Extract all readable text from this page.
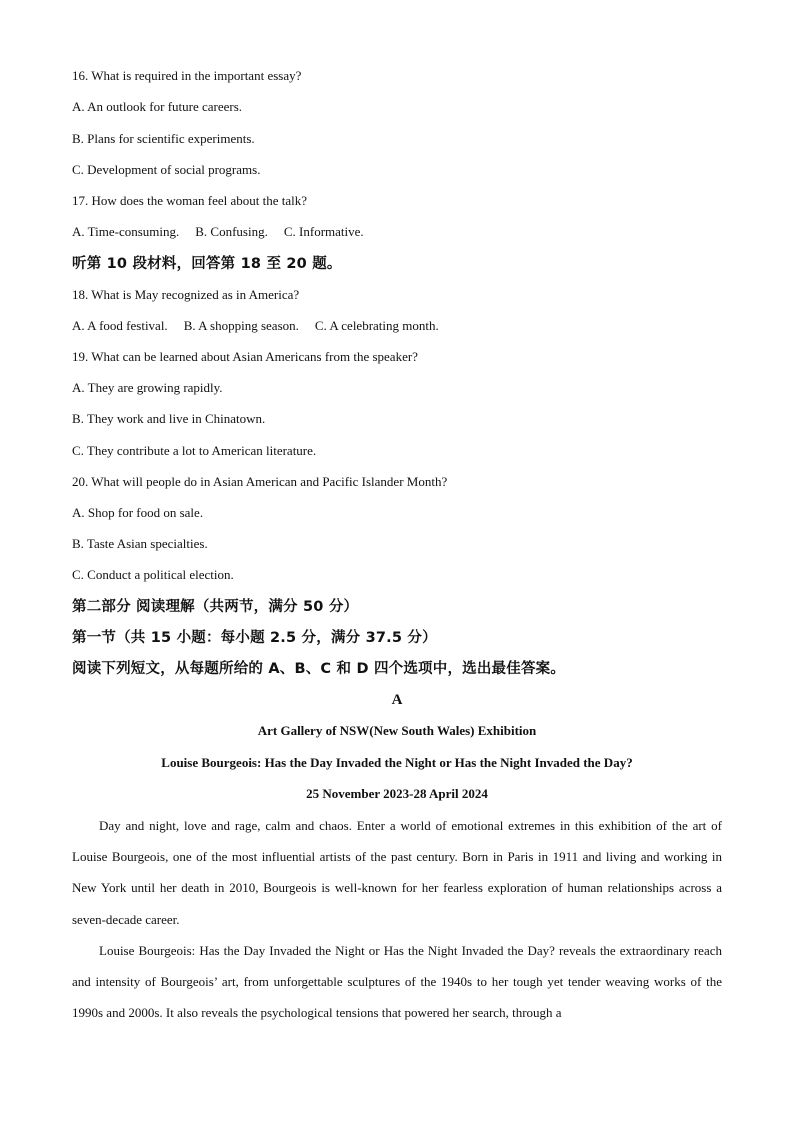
16. What is required in the important essay?
A. An outlook for future careers.
B. Plans for scientific experiments.
C. Development of social programs.
17. How does the woman feel about the talk?
A. Time-consuming. B. Confusing. C. Informative.
听第 10 段材料，回答第 18 至 20 题。
18. What is May recognized as in America?
A. A food festival. B. A shopping season. C. A celebrating month.
19. What can be learned about Asian Americans from the speaker?
A. They are growing rapidly.
B. They work and live in Chinatown.
C. They contribute a lot to American literature.
20. What will people do in Asian American and Pacific Islander Month?
A. Shop for food on sale.
B. Taste Asian specialties.
C. Conduct a political election.
第二部分 阅读理解（共两节，满分 50 分）
第一节（共 15 小题：每小题 2.5 分，满分 37.5 分）
阅读下列短文，从每题所给的 A、B、C 和 D 四个选项中，选出最佳答案。
A
Art Gallery of NSW(New South Wales) Exhibition
Louise Bourgeois: Has the Day Invaded the Night or Has the Night Invaded the Day?
25 November 2023-28 April 2024
Day and night, love and rage, calm and chaos. Enter a world of emotional extremes in this exhibition of the art of Louise Bourgeois, one of the most influential artists of the past century. Born in Paris in 1911 and living and working in New York until her death in 2010, Bourgeois is well-known for her fearless exploration of human relationships across a seven-decade career.
Louise Bourgeois: Has the Day Invaded the Night or Has the Night Invaded the Day? reveals the extraordinary reach and intensity of Bourgeois’ art, from unforgettable sculptures of the 1940s to her tough yet tender weaving works of the 1990s and 2000s. It also reveals the psychological tensions that powered her search, through a
